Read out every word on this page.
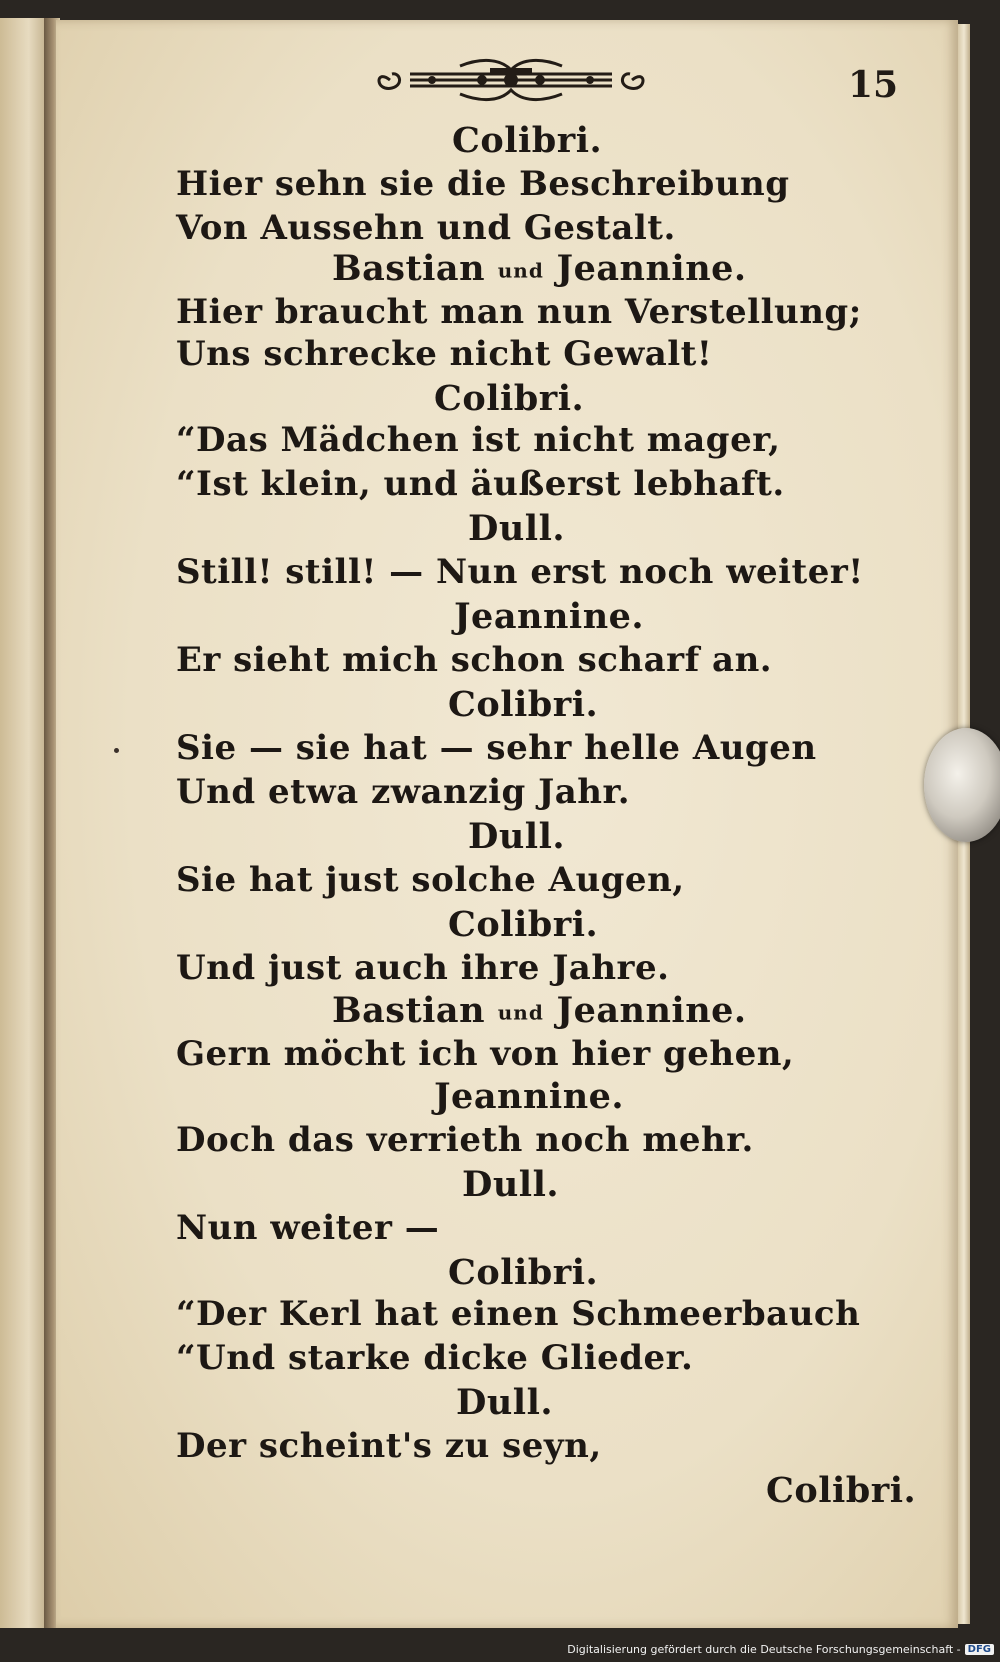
15
Colibri.
Hier sehn sie die Beschreibung
Von Aussehn und Gestalt.
Bastian und Jeannine.
Hier braucht man nun Verstellung;
Uns schrecke nicht Gewalt!
Colibri.
“Das Mädchen ist nicht mager,
“Ist klein, und äußerst lebhaft.
Dull.
Still! still! — Nun erst noch weiter!
Jeannine.
Er sieht mich schon scharf an.
Colibri.
Sie — sie hat — sehr helle Augen
Und etwa zwanzig Jahr.
Dull.
Sie hat just solche Augen,
Colibri.
Und just auch ihre Jahre.
Bastian und Jeannine.
Gern möcht ich von hier gehen,
Jeannine.
Doch das verrieth noch mehr.
Dull.
Nun weiter —
Colibri.
“Der Kerl hat einen Schmeerbauch
“Und starke dicke Glieder.
Dull.
Der scheint's zu seyn,
Colibri.
Digitalisierung gefördert durch die Deutsche Forschungsgemeinschaft - DFG
